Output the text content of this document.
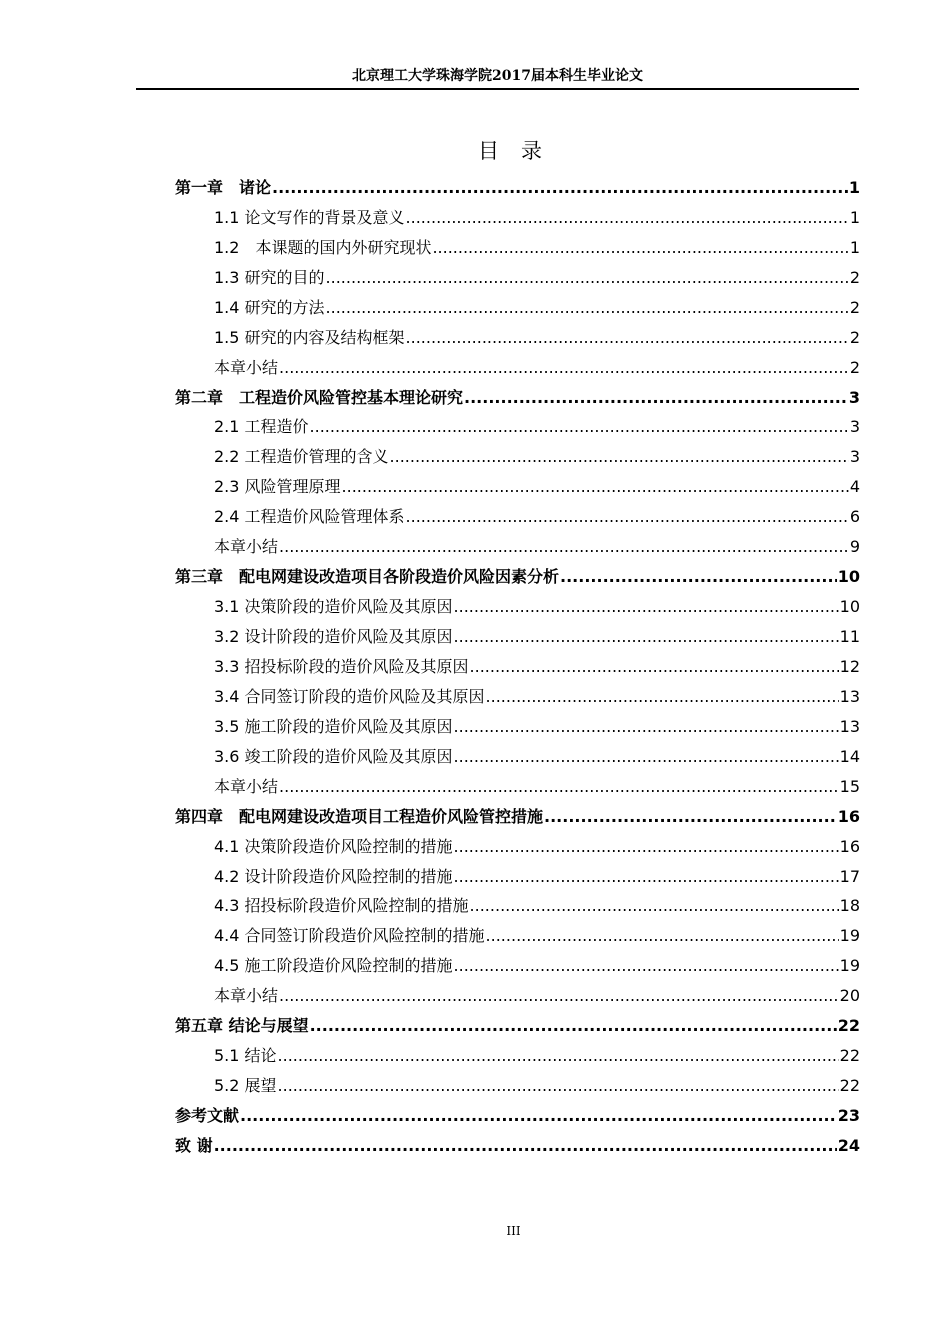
北京理工大学珠海学院2017届本科生毕业论文
目录
第一章　诸论 .....	1
1.1 论文写作的背景及意义 .....	1
1.2　本课题的国内外研究现状 .....	1
1.3 研究的目的 .....	2
1.4 研究的方法 .....	2
1.5 研究的内容及结构框架 .....	2
本章小结 .....	2
第二章　工程造价风险管控基本理论研究 .....	3
2.1 工程造价 .....	3
2.2 工程造价管理的含义 .....	3
2.3 风险管理原理 .....	4
2.4 工程造价风险管理体系 .....	6
本章小结 .....	9
第三章　配电网建设改造项目各阶段造价风险因素分析 .....	10
3.1 决策阶段的造价风险及其原因 .....	10
3.2 设计阶段的造价风险及其原因 .....	11
3.3 招投标阶段的造价风险及其原因 .....	12
3.4 合同签订阶段的造价风险及其原因 .....	13
3.5 施工阶段的造价风险及其原因 .....	13
3.6 竣工阶段的造价风险及其原因 .....	14
本章小结 .....	15
第四章　配电网建设改造项目工程造价风险管控措施 .....	16
4.1 决策阶段造价风险控制的措施 .....	16
4.2 设计阶段造价风险控制的措施 .....	17
4.3 招投标阶段造价风险控制的措施 .....	18
4.4 合同签订阶段造价风险控制的措施 .....	19
4.5 施工阶段造价风险控制的措施 .....	19
本章小结 .....	20
第五章 结论与展望 .....	22
5.1 结论 .....	22
5.2 展望 .....	22
参考文献 .....	23
致 谢 .....	24
III
